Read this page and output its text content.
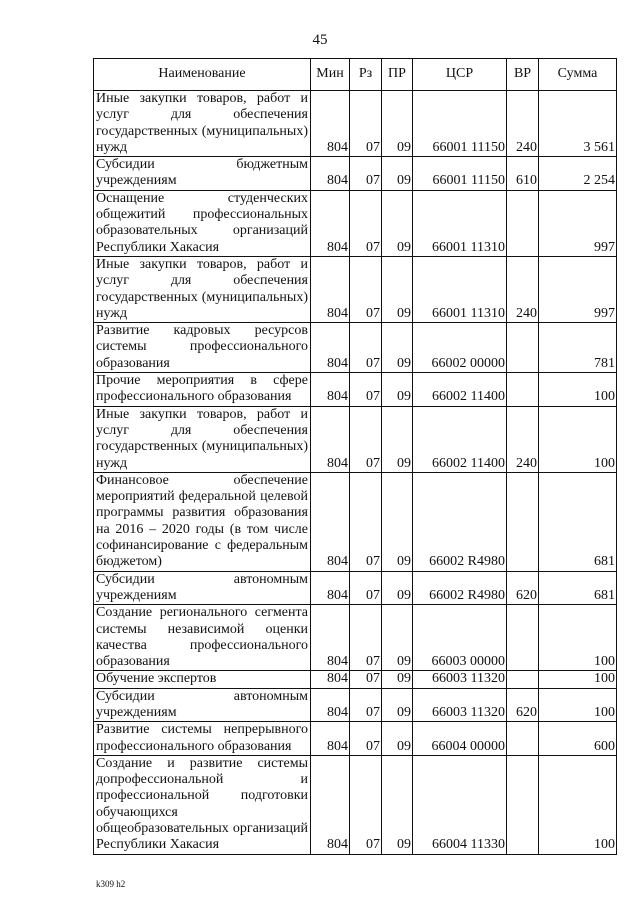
45
Наименование	Мин	Рз	ПР	ЦСР	ВР	Сумма
Иные закупки товаров, работ и услуг для обеспечения государственных (муниципальных) нужд	804	07	09	66001 11150	240	3 561
Субсидии бюджетным учреждениям	804	07	09	66001 11150	610	2 254
Оснащение студенческих общежитий профессиональных образовательных организаций Республики Хакасия	804	07	09	66001 11310		997
Иные закупки товаров, работ и услуг для обеспечения государственных (муниципальных) нужд	804	07	09	66001 11310	240	997
Развитие кадровых ресурсов системы профессионального образования	804	07	09	66002 00000		781
Прочие мероприятия в сфере профессионального образования	804	07	09	66002 11400		100
Иные закупки товаров, работ и услуг для обеспечения государственных (муниципальных) нужд	804	07	09	66002 11400	240	100
Финансовое обеспечение мероприятий федеральной целевой программы развития образования на 2016 – 2020 годы (в том числе софинансирование с федеральным бюджетом)	804	07	09	66002 R4980		681
Субсидии автономным учреждениям	804	07	09	66002 R4980	620	681
Создание регионального сегмента системы независимой оценки качества профессионального образования	804	07	09	66003 00000		100
Обучение экспертов	804	07	09	66003 11320		100
Субсидии автономным учреждениям	804	07	09	66003 11320	620	100
Развитие системы непрерывного профессионального образования	804	07	09	66004 00000		600
Создание и развитие системы допрофессиональной и профессиональной подготовки обучающихся общеобразовательных организаций Республики Хакасия	804	07	09	66004 11330		100
k309 h2
